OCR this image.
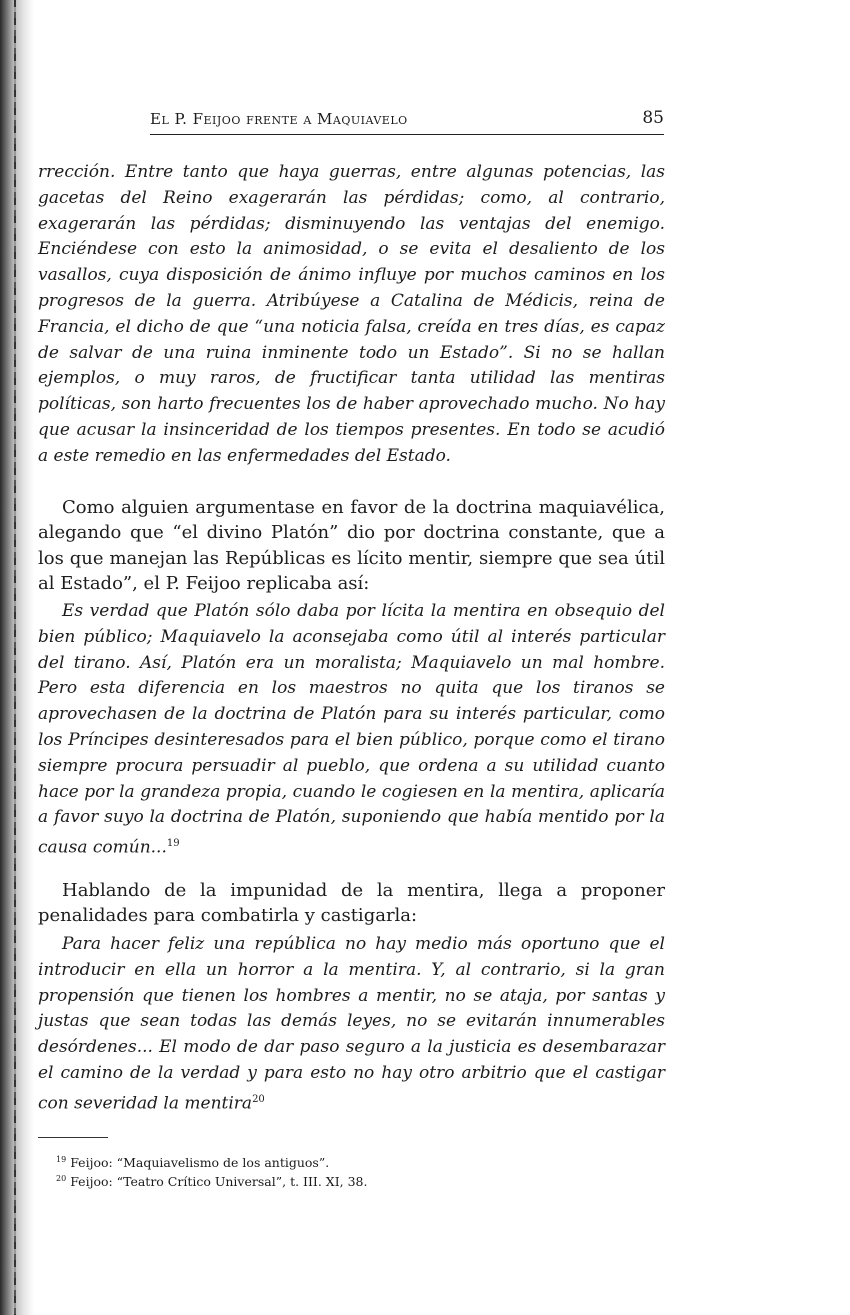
El P. Feijoo frente a Maquiavelo	85

rrección. Entre tanto que haya guerras, entre algunas potencias, las gacetas del Reino exagerarán las pérdidas; como, al contrario, exagerarán las pérdidas; disminuyendo las ventajas del enemigo. Enciéndese con esto la animosidad, o se evita el desaliento de los vasallos, cuya disposición de ánimo influye por muchos caminos en los progresos de la guerra. Atribúyese a Catalina de Médicis, reina de Francia, el dicho de que “una noticia falsa, creída en tres días, es capaz de salvar de una ruina inminente todo un Estado”. Si no se hallan ejemplos, o muy raros, de fructificar tanta utilidad las mentiras políticas, son harto frecuentes los de haber aprovechado mucho. No hay que acusar la insinceridad de los tiempos presentes. En todo se acudió a este remedio en las enfermedades del Estado.

Como alguien argumentase en favor de la doctrina maquiavélica, alegando que “el divino Platón” dio por doctrina constante, que a los que manejan las Repúblicas es lícito mentir, siempre que sea útil al Estado”, el P. Feijoo replicaba así:

Es verdad que Platón sólo daba por lícita la mentira en obsequio del bien público; Maquiavelo la aconsejaba como útil al interés particular del tirano. Así, Platón era un moralista; Maquiavelo un mal hombre. Pero esta diferencia en los maestros no quita que los tiranos se aprovechasen de la doctrina de Platón para su interés particular, como los Príncipes desinteresados para el bien público, porque como el tirano siempre procura persuadir al pueblo, que ordena a su utilidad cuanto hace por la grandeza propia, cuando le cogiesen en la mentira, aplicaría a favor suyo la doctrina de Platón, suponiendo que había mentido por la causa común...$^{19}$

Hablando de la impunidad de la mentira, llega a proponer penalidades para combatirla y castigarla:

Para hacer feliz una república no hay medio más oportuno que el introducir en ella un horror a la mentira. Y, al contrario, si la gran propensión que tienen los hombres a mentir, no se ataja, por santas y justas que sean todas las demás leyes, no se evitarán innumerables desórdenes... El modo de dar paso seguro a la justicia es desembarazar el camino de la verdad y para esto no hay otro arbitrio que el castigar con severidad la mentira$^{20}$

$^{19}$ Feijoo: “Maquiavelismo de los antiguos”.

$^{20}$ Feijoo: “Teatro Crítico Universal”, t. III. XI, 38.
